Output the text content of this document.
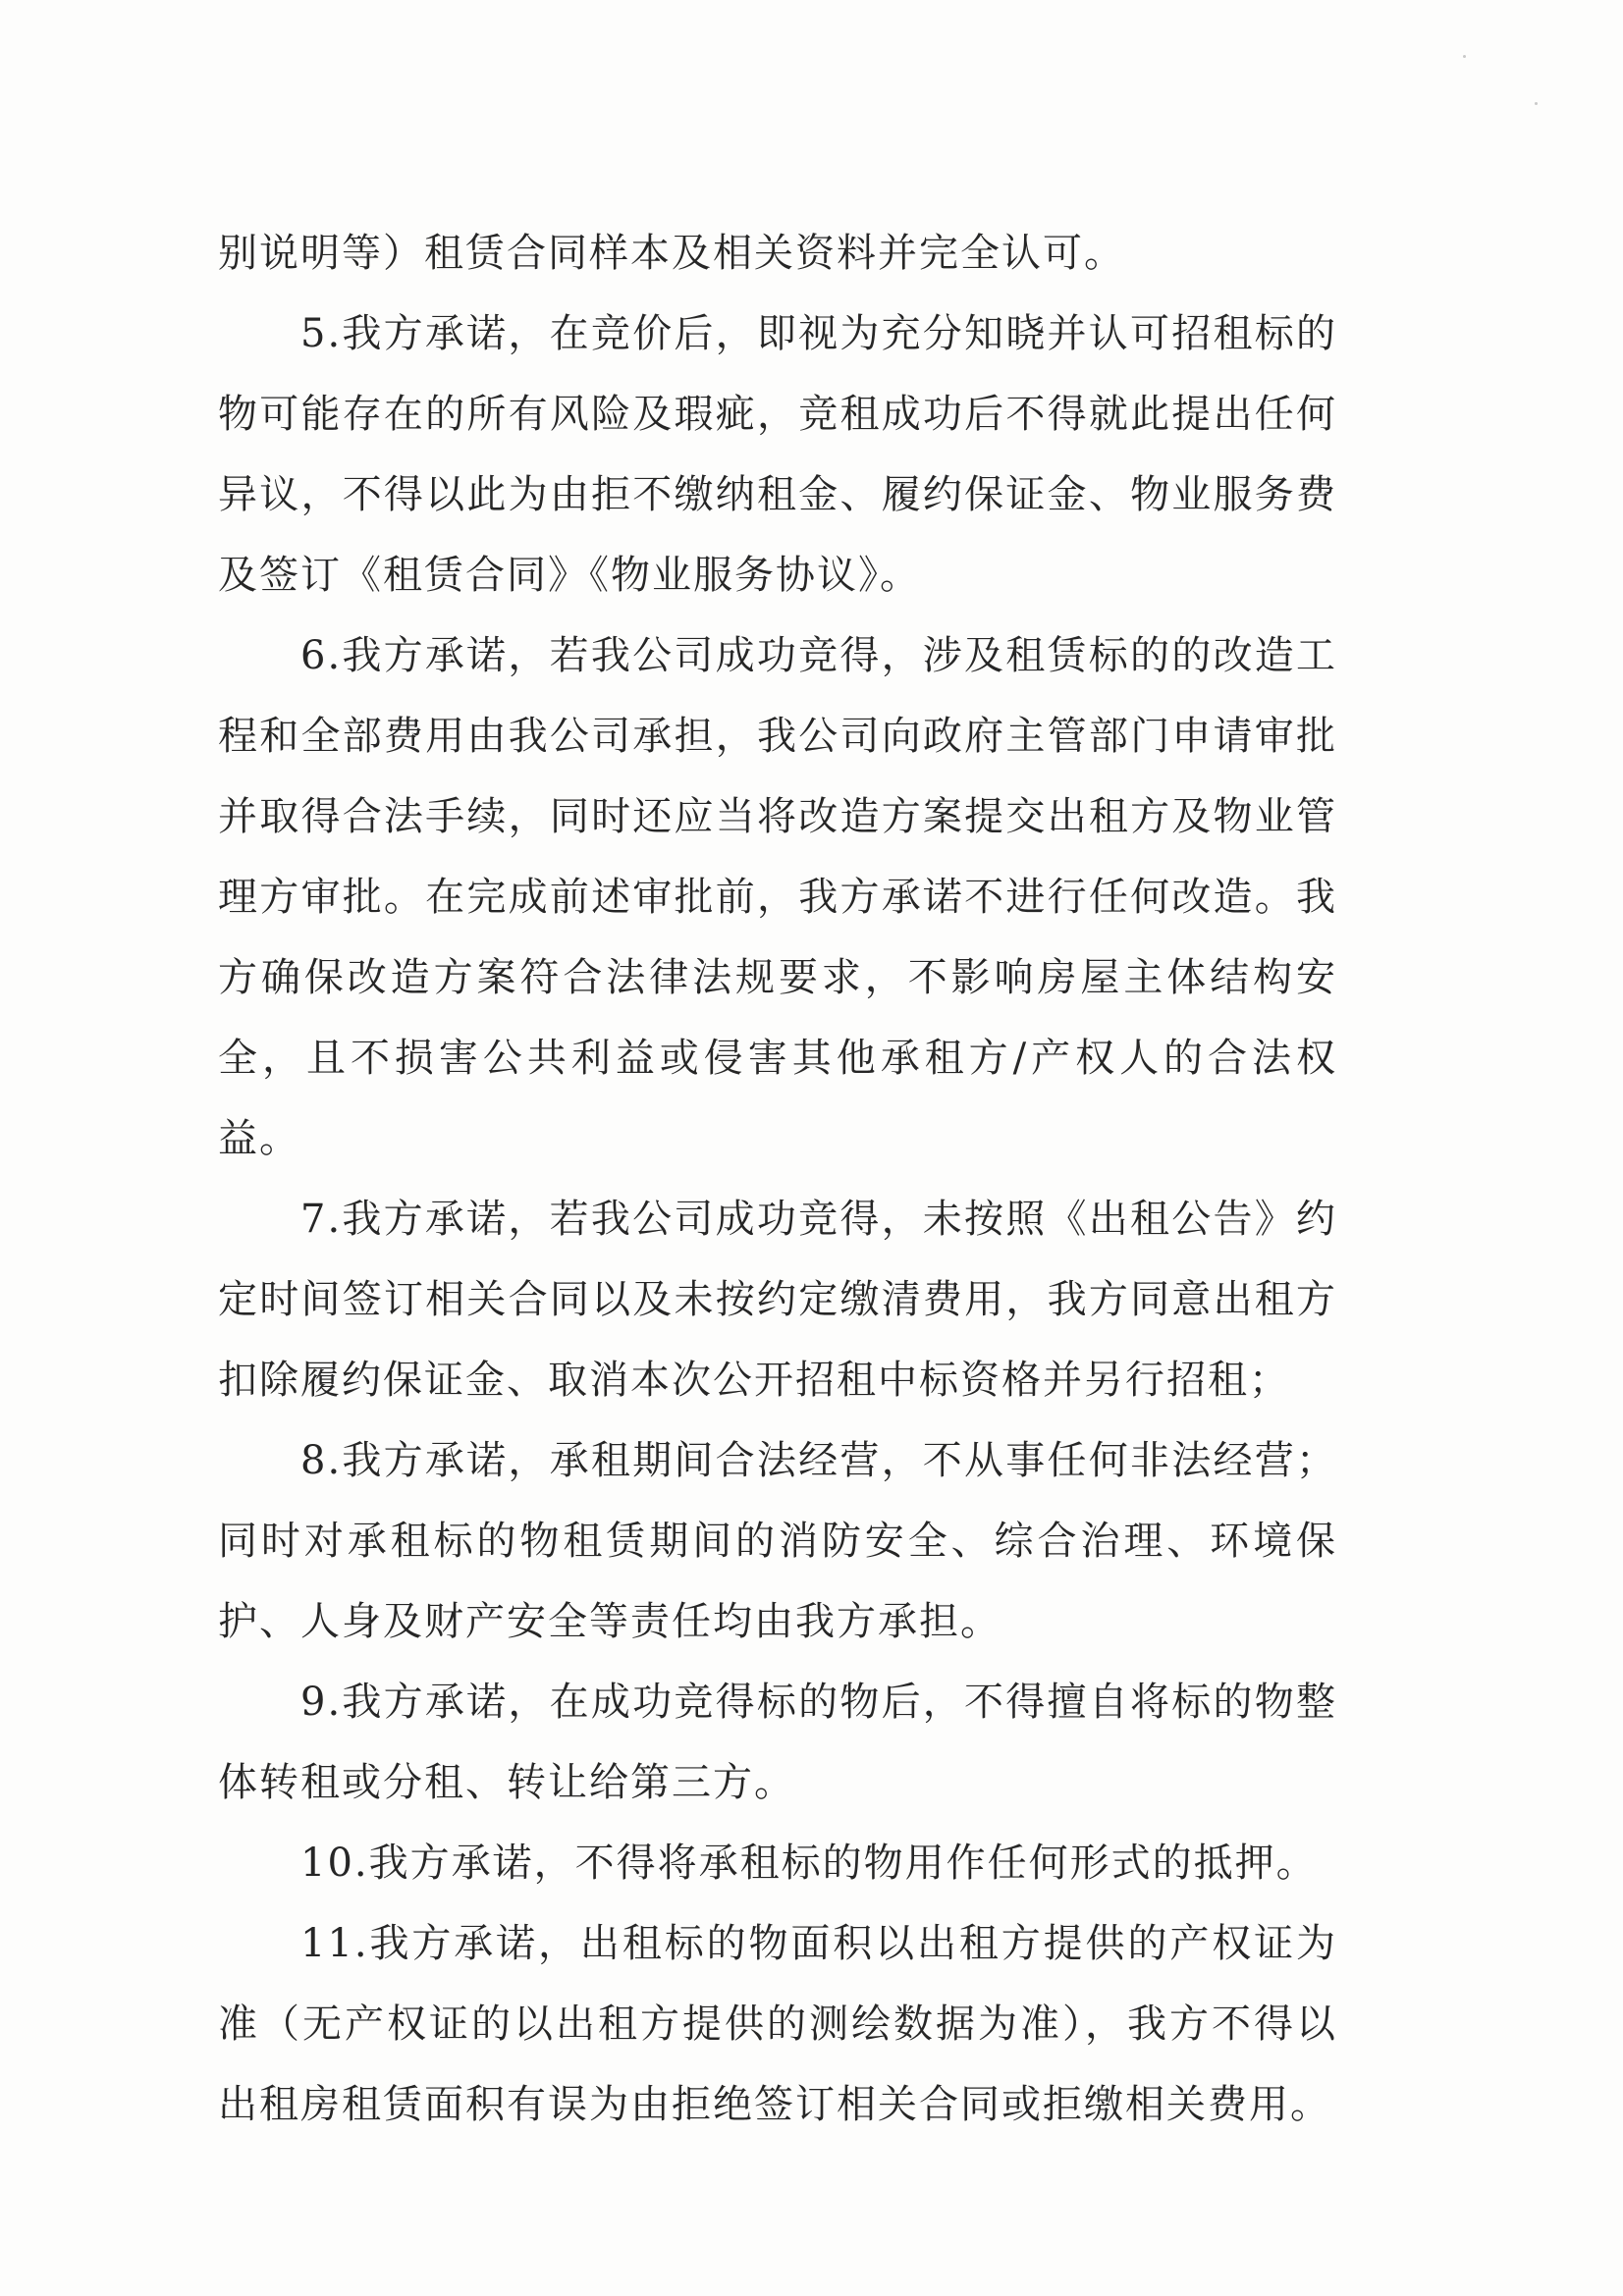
别说明等）租赁合同样本及相关资料并完全认可。

5.我方承诺，在竞价后，即视为充分知晓并认可招租标的物可能存在的所有风险及瑕疵，竞租成功后不得就此提出任何异议，不得以此为由拒不缴纳租金、履约保证金、物业服务费及签订《租赁合同》《物业服务协议》。

6.我方承诺，若我公司成功竞得，涉及租赁标的的改造工程和全部费用由我公司承担，我公司向政府主管部门申请审批并取得合法手续，同时还应当将改造方案提交出租方及物业管理方审批。在完成前述审批前，我方承诺不进行任何改造。我方确保改造方案符合法律法规要求，不影响房屋主体结构安全，且不损害公共利益或侵害其他承租方/产权人的合法权益。

7.我方承诺，若我公司成功竞得，未按照《出租公告》约定时间签订相关合同以及未按约定缴清费用，我方同意出租方扣除履约保证金、取消本次公开招租中标资格并另行招租；

8.我方承诺，承租期间合法经营，不从事任何非法经营；同时对承租标的物租赁期间的消防安全、综合治理、环境保护、人身及财产安全等责任均由我方承担。

9.我方承诺，在成功竞得标的物后，不得擅自将标的物整体转租或分租、转让给第三方。

10.我方承诺，不得将承租标的物用作任何形式的抵押。

11.我方承诺，出租标的物面积以出租方提供的产权证为准（无产权证的以出租方提供的测绘数据为准），我方不得以出租房租赁面积有误为由拒绝签订相关合同或拒缴相关费用。
